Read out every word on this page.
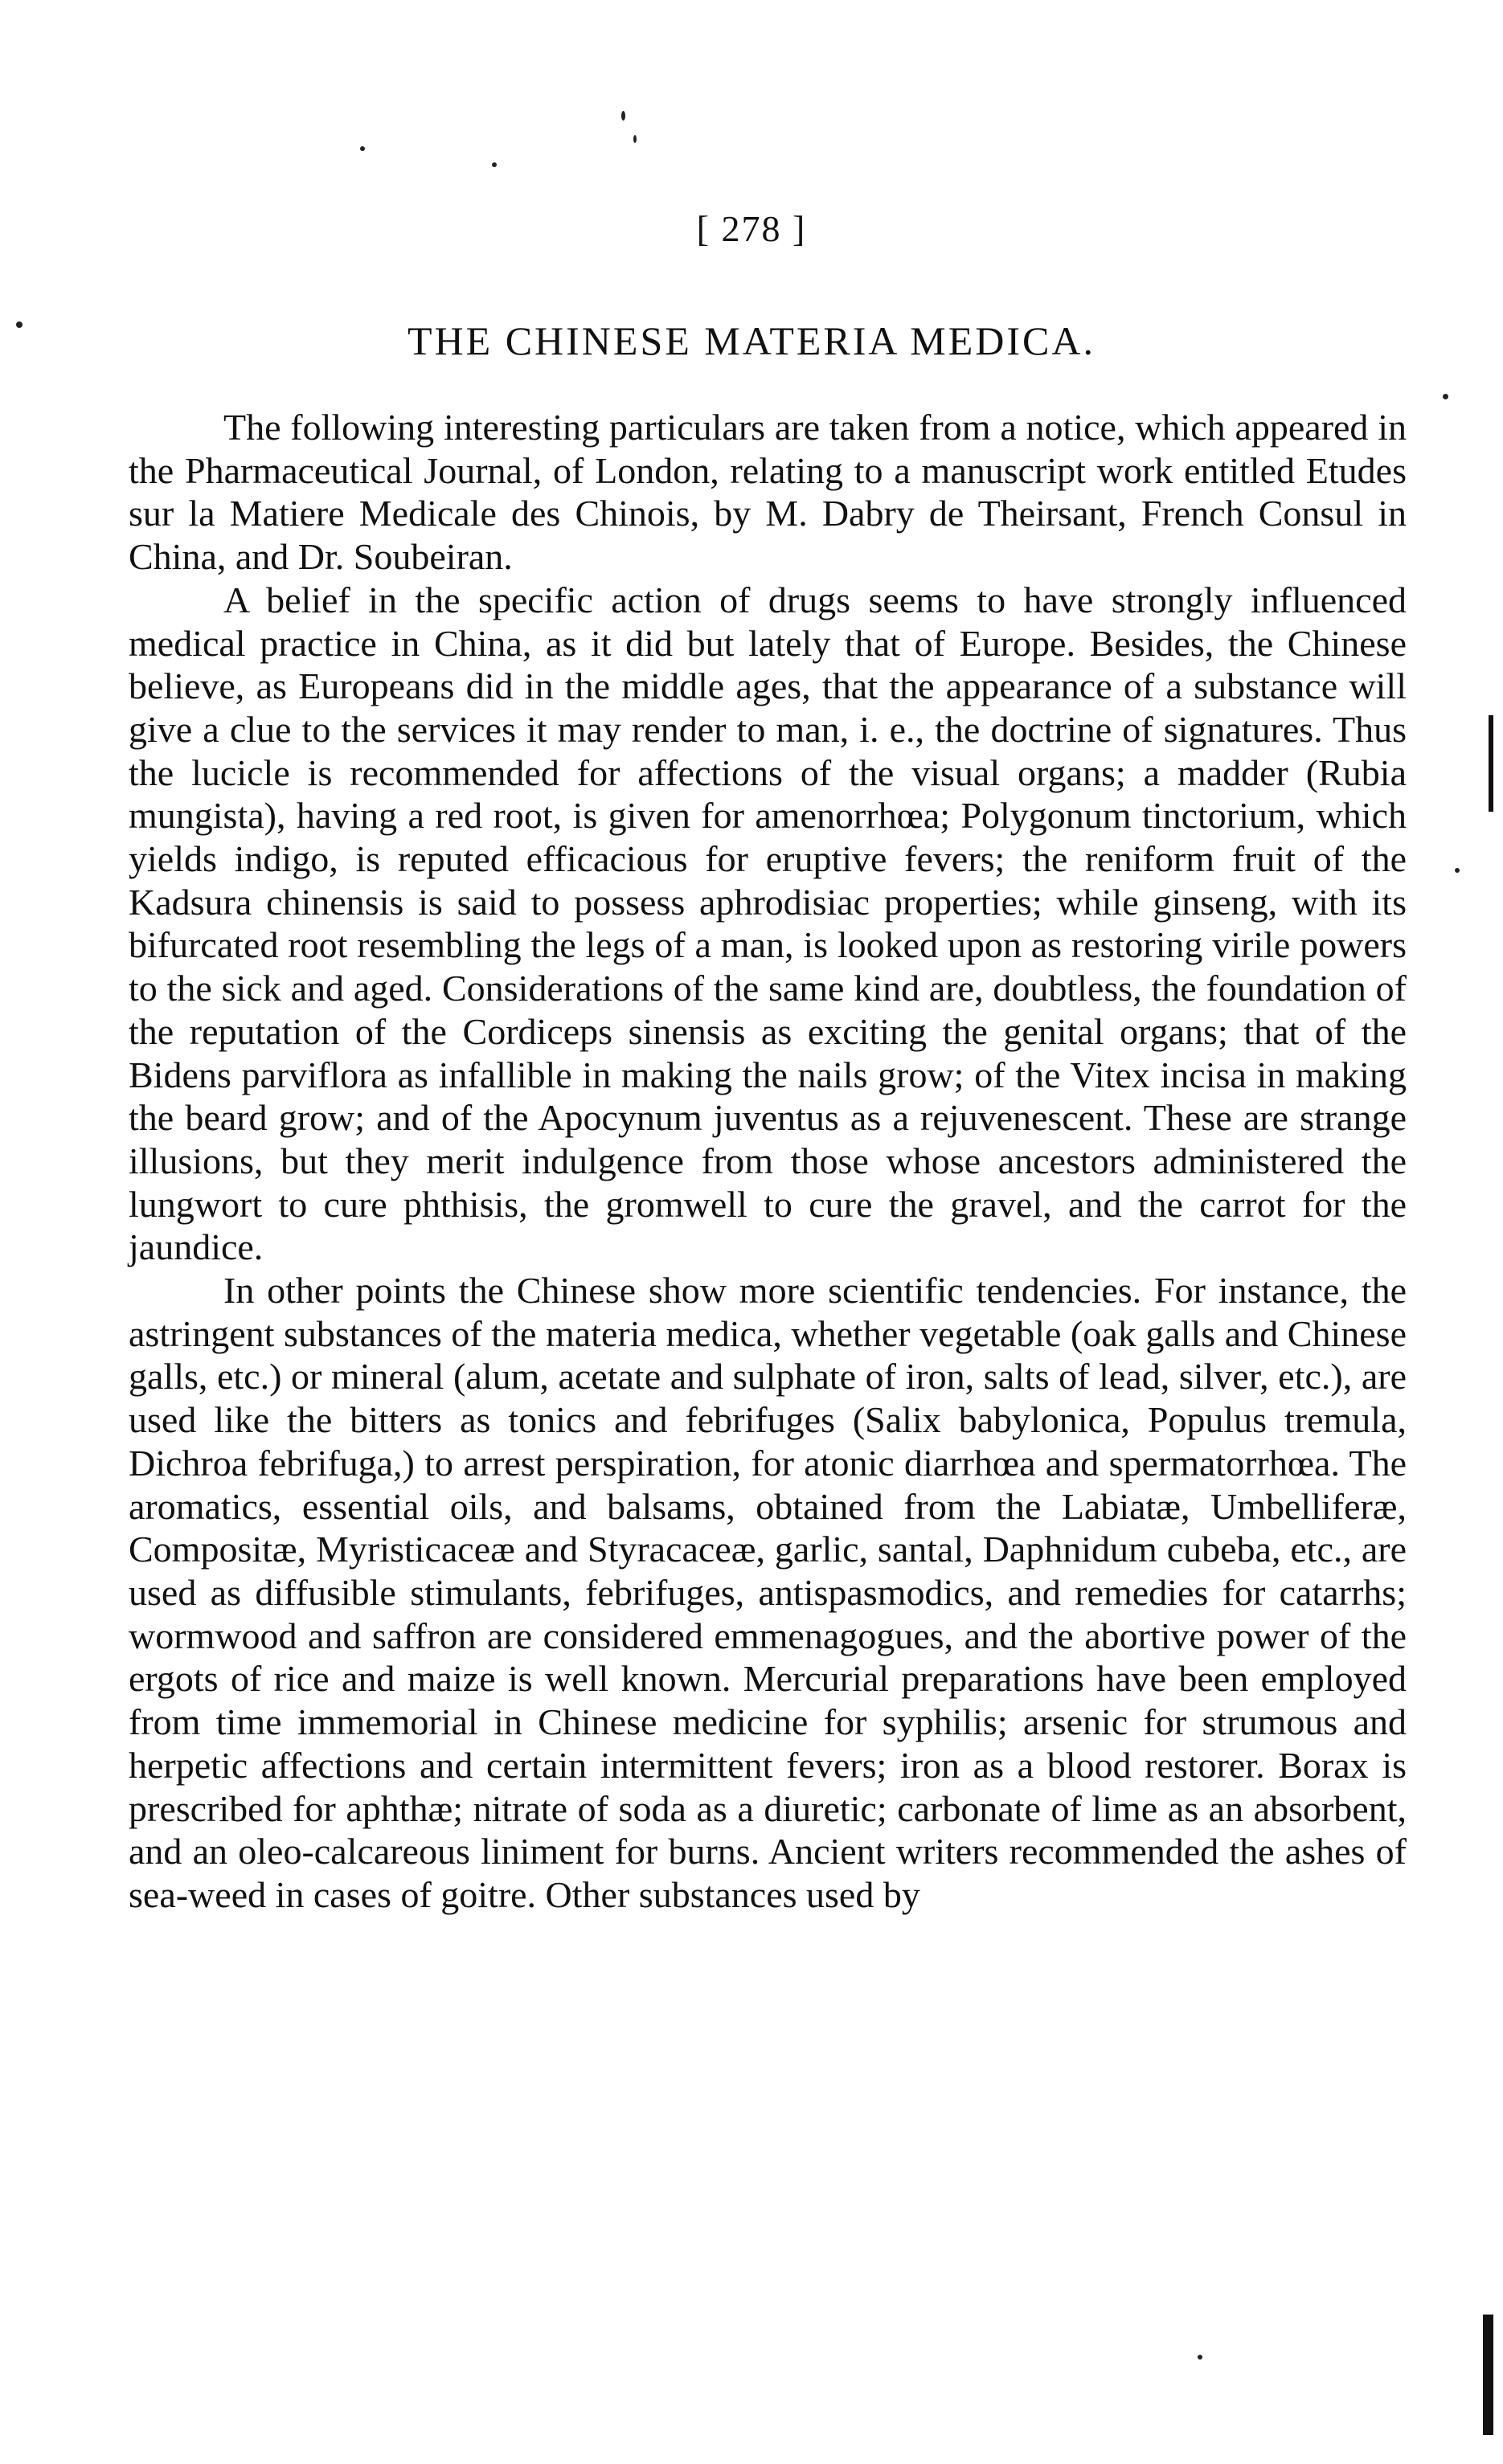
[ 278 ]
THE CHINESE MATERIA MEDICA.

The following interesting particulars are taken from a notice, which appeared in the Pharmaceutical Journal, of London, relating to a manuscript work entitled Etudes sur la Matiere Medicale des Chinois, by M. Dabry de Theirsant, French Consul in China, and Dr. Soubeiran.

A belief in the specific action of drugs seems to have strongly influenced medical practice in China, as it did but lately that of Europe. Besides, the Chinese believe, as Europeans did in the middle ages, that the appearance of a substance will give a clue to the services it may render to man, i. e., the doctrine of signatures. Thus the lucicle is recommended for affections of the visual organs; a madder (Rubia mungista), having a red root, is given for amenorrhœa; Polygonum tinctorium, which yields indigo, is reputed efficacious for eruptive fevers; the reniform fruit of the Kadsura chinensis is said to possess aphrodisiac properties; while ginseng, with its bifurcated root resembling the legs of a man, is looked upon as restoring virile powers to the sick and aged. Considerations of the same kind are, doubtless, the foundation of the reputation of the Cordiceps sinensis as exciting the genital organs; that of the Bidens parviflora as infallible in making the nails grow; of the Vitex incisa in making the beard grow; and of the Apocynum juventus as a rejuvenescent. These are strange illusions, but they merit indulgence from those whose ancestors administered the lungwort to cure phthisis, the gromwell to cure the gravel, and the carrot for the jaundice.

In other points the Chinese show more scientific tendencies. For instance, the astringent substances of the materia medica, whether vegetable (oak galls and Chinese galls, etc.) or mineral (alum, acetate and sulphate of iron, salts of lead, silver, etc.), are used like the bitters as tonics and febrifuges (Salix babylonica, Populus tremula, Dichroa febrifuga,) to arrest perspiration, for atonic diarrhœa and spermatorrhœa. The aromatics, essential oils, and balsams, obtained from the Labiatæ, Umbelliferæ, Compositæ, Myristicaceæ and Styracaceæ, garlic, santal, Daphnidum cubeba, etc., are used as diffusible stimulants, febrifuges, antispasmodics, and remedies for catarrhs; wormwood and saffron are considered emmenagogues, and the abortive power of the ergots of rice and maize is well known. Mercurial preparations have been employed from time immemorial in Chinese medicine for syphilis; arsenic for strumous and herpetic affections and certain intermittent fevers; iron as a blood restorer. Borax is prescribed for aphthæ; nitrate of soda as a diuretic; carbonate of lime as an absorbent, and an oleo-calcareous liniment for burns. Ancient writers recommended the ashes of sea-weed in cases of goitre. Other substances used by
